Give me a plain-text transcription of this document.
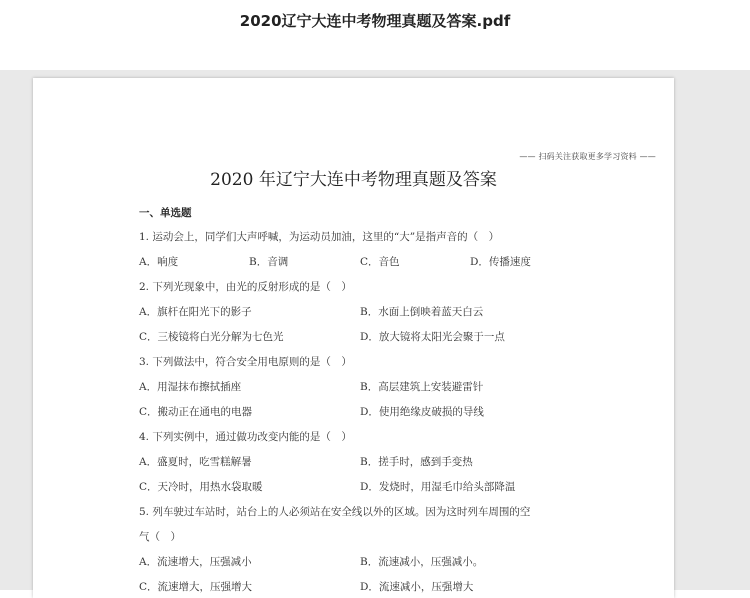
2020辽宁大连中考物理真题及答案.pdf
—— 扫码关注获取更多学习资料 ——
2020 年辽宁大连中考物理真题及答案
一、单选题
1. 运动会上，同学们大声呼喊，为运动员加油，这里的“大”是指声音的（　）
A．响度	B．音调	C．音色	D．传播速度
2. 下列光现象中，由光的反射形成的是（　）
A．旗杆在阳光下的影子	B．水面上倒映着蓝天白云
C．三棱镜将白光分解为七色光	D．放大镜将太阳光会聚于一点
3. 下列做法中，符合安全用电原则的是（　）
A．用湿抹布擦拭插座	B．高层建筑上安装避雷针
C．搬动正在通电的电器	D．使用绝缘皮破损的导线
4. 下列实例中，通过做功改变内能的是（　）
A．盛夏时，吃雪糕解暑	B．搓手时，感到手变热
C．天冷时，用热水袋取暖	D．发烧时，用湿毛巾给头部降温
5. 列车驶过车站时，站台上的人必须站在安全线以外的区域。因为这时列车周围的空
气（　）
A．流速增大，压强减小	B．流速减小，压强减小。
C．流速增大，压强增大	D．流速减小，压强增大
